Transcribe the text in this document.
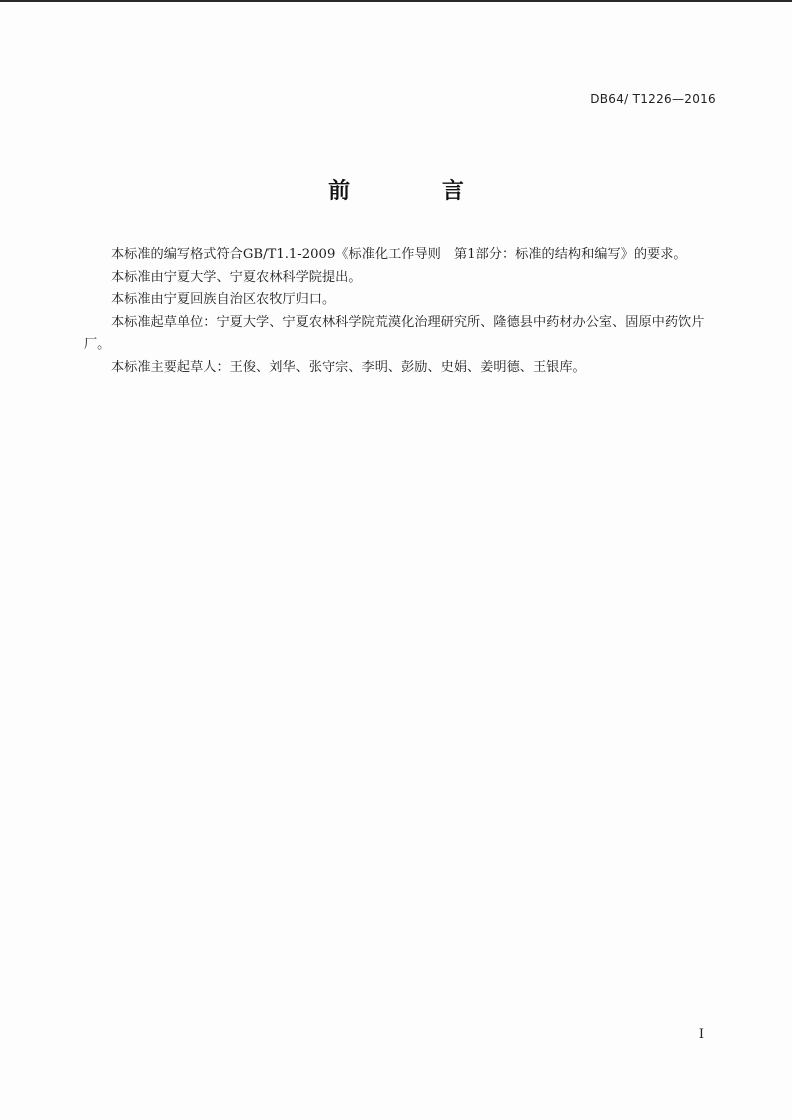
DB64/ T1226—2016
前 言

本标准的编写格式符合GB/T1.1-2009《标准化工作导则　第1部分：标准的结构和编写》的要求。

本标准由宁夏大学、宁夏农林科学院提出。

本标准由宁夏回族自治区农牧厅归口。

本标准起草单位：宁夏大学、宁夏农林科学院荒漠化治理研究所、隆德县中药材办公室、固原中药饮片厂。

本标准主要起草人：王俊、刘华、张守宗、李明、彭励、史娟、姜明德、王银库。

I
